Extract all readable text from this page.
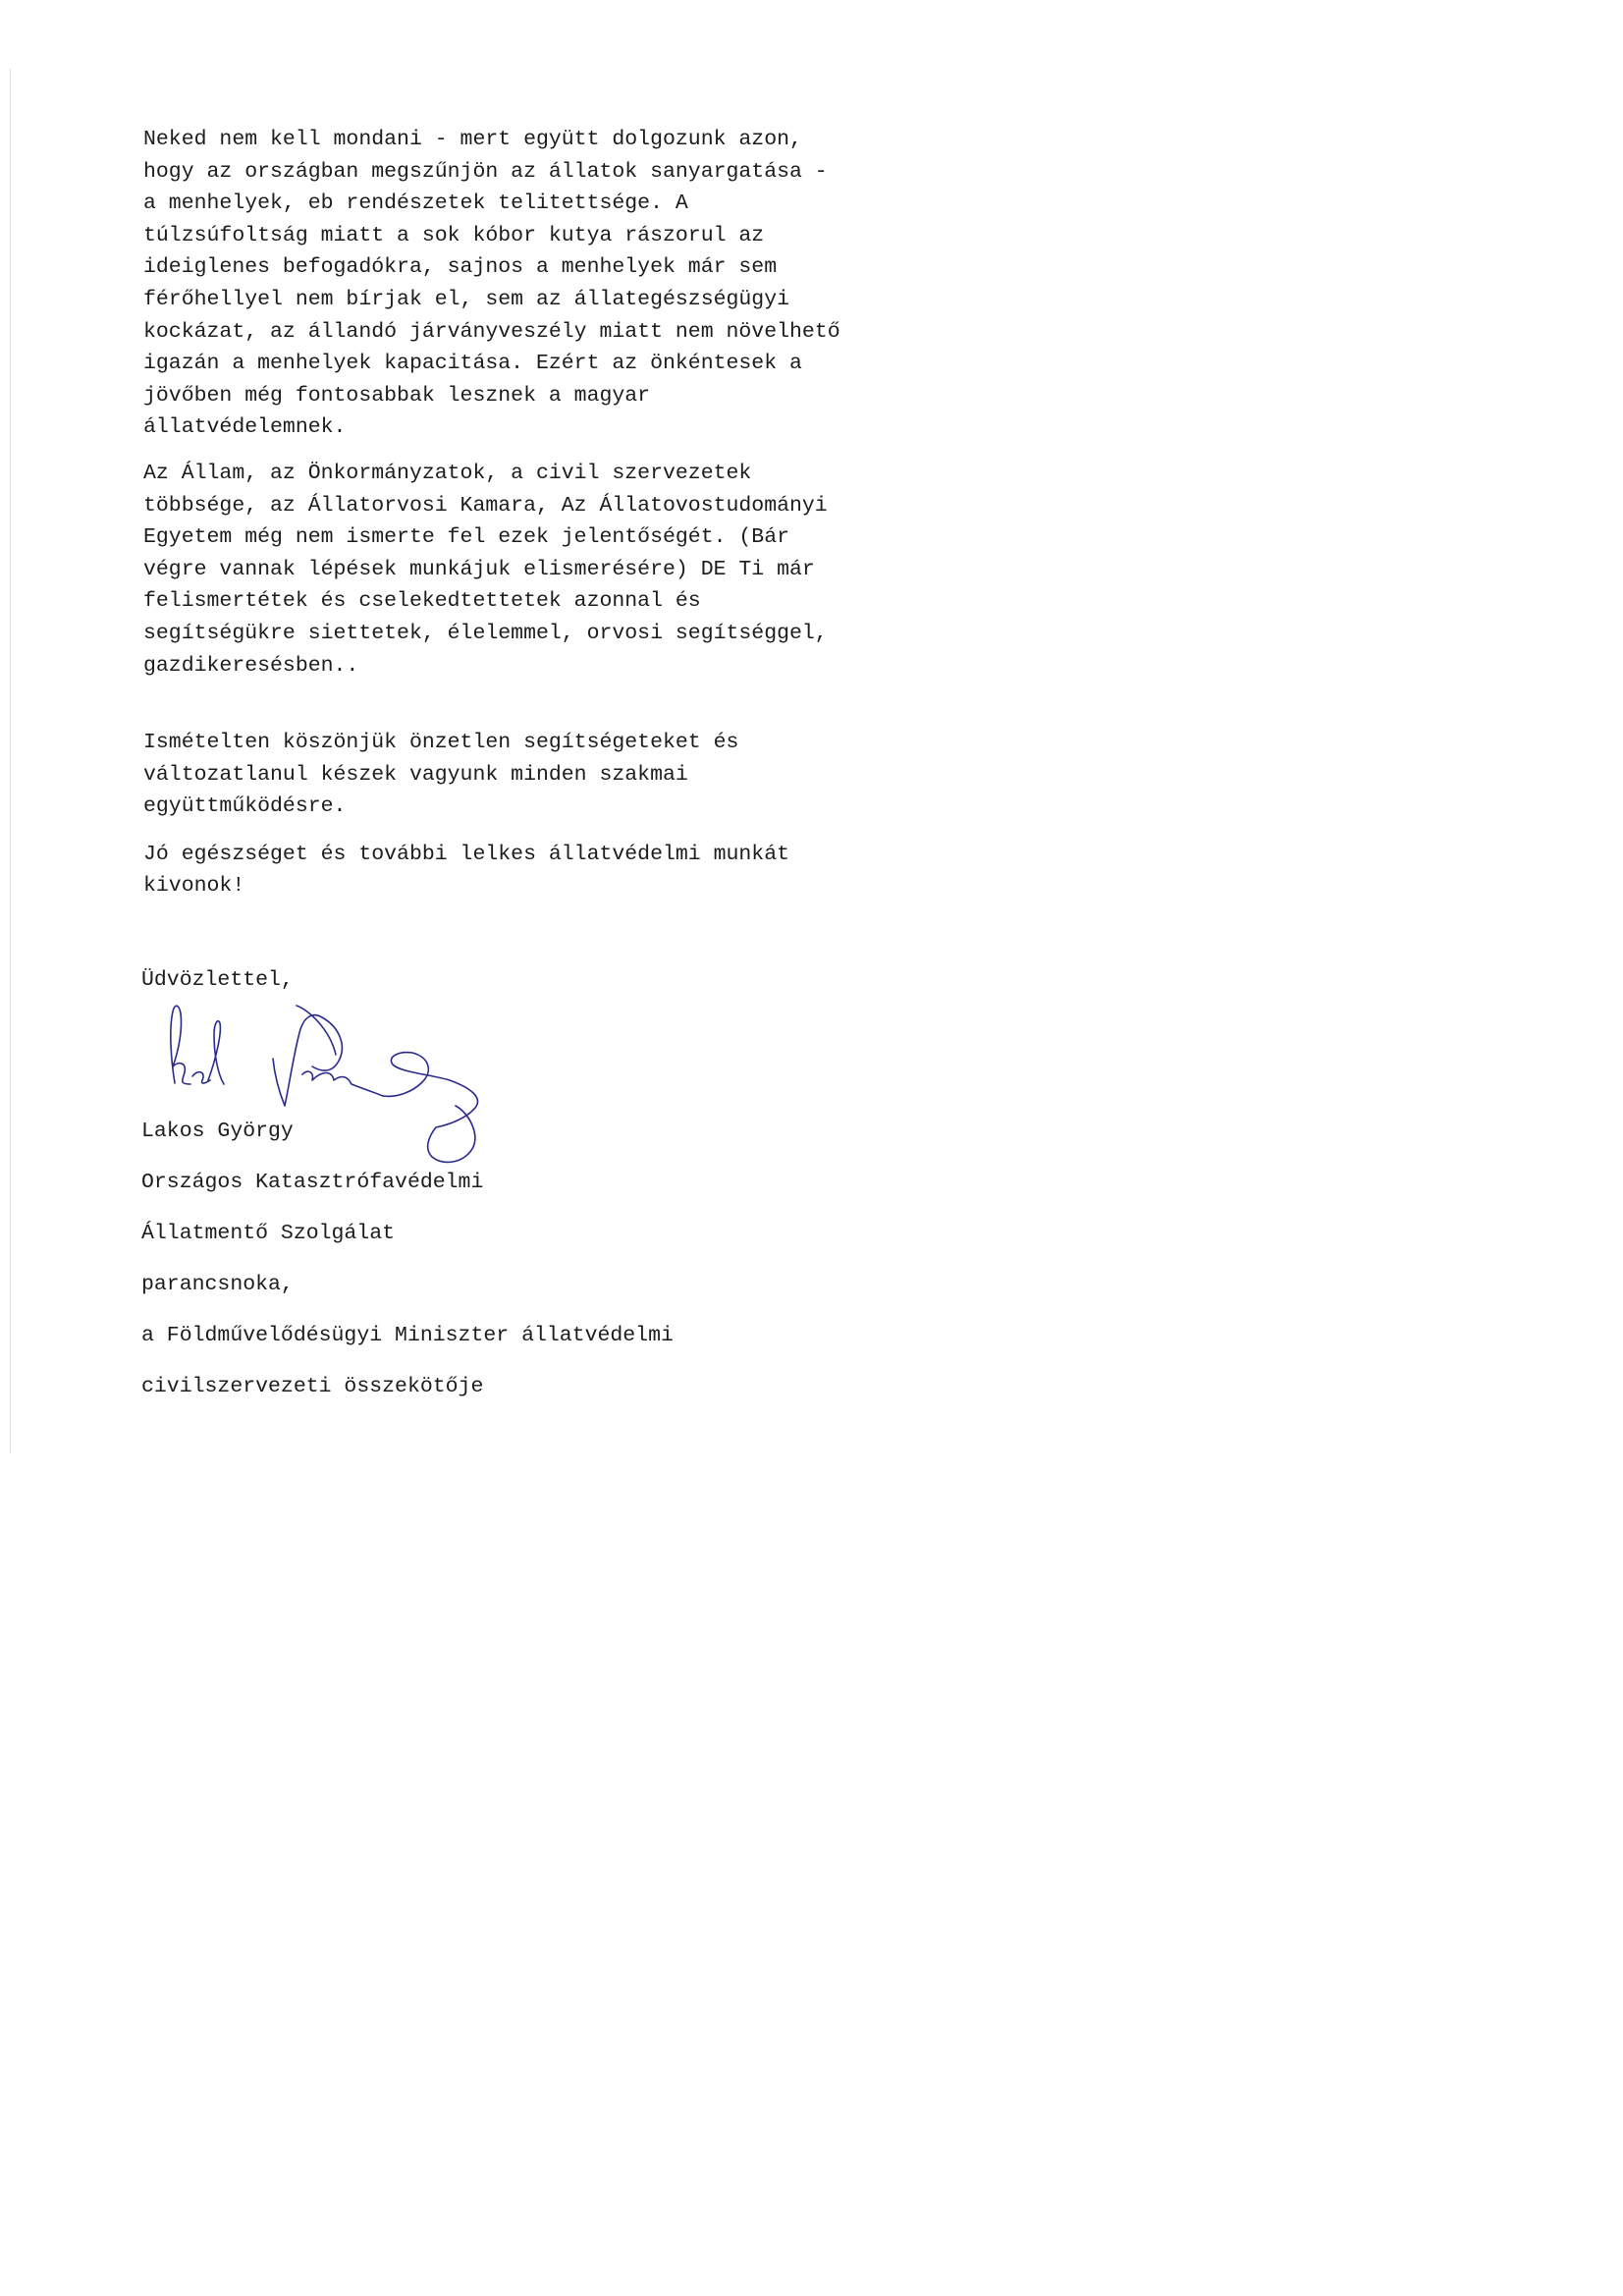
Neked nem kell mondani - mert együtt dolgozunk azon,
hogy az országban megszűnjön az állatok sanyargatása -
a menhelyek, eb rendészetek telitettsége. A
túlzsúfoltság miatt a sok kóbor kutya rászorul az
ideiglenes befogadókra, sajnos a menhelyek már sem
férőhellyel nem bírjak el, sem az állategészségügyi
kockázat, az állandó járványveszély miatt nem növelhető
igazán a menhelyek kapacitása. Ezért az önkéntesek a
jövőben még fontosabbak lesznek a magyar
állatvédelemnek.

Az Állam, az Önkormányzatok, a civil szervezetek
többsége, az Állatorvosi Kamara, Az Állatovostudományi
Egyetem még nem ismerte fel ezek jelentőségét. (Bár
végre vannak lépések munkájuk elismerésére) DE Ti már
felismertétek és cselekedtettetek azonnal és
segítségükre siettetek, élelemmel, orvosi segítséggel,
gazdikeresésben..

Ismételten köszönjük önzetlen segítségeteket és
változatlanul készek vagyunk minden szakmai
együttműködésre.

Jó egészséget és további lelkes állatvédelmi munkát
kivonok!

Üdvözlettel,

Lakos György

Országos Katasztrófavédelmi

Állatmentő Szolgálat

parancsnoka,

a Földművelődésügyi Miniszter állatvédelmi

civilszervezeti összekötője
